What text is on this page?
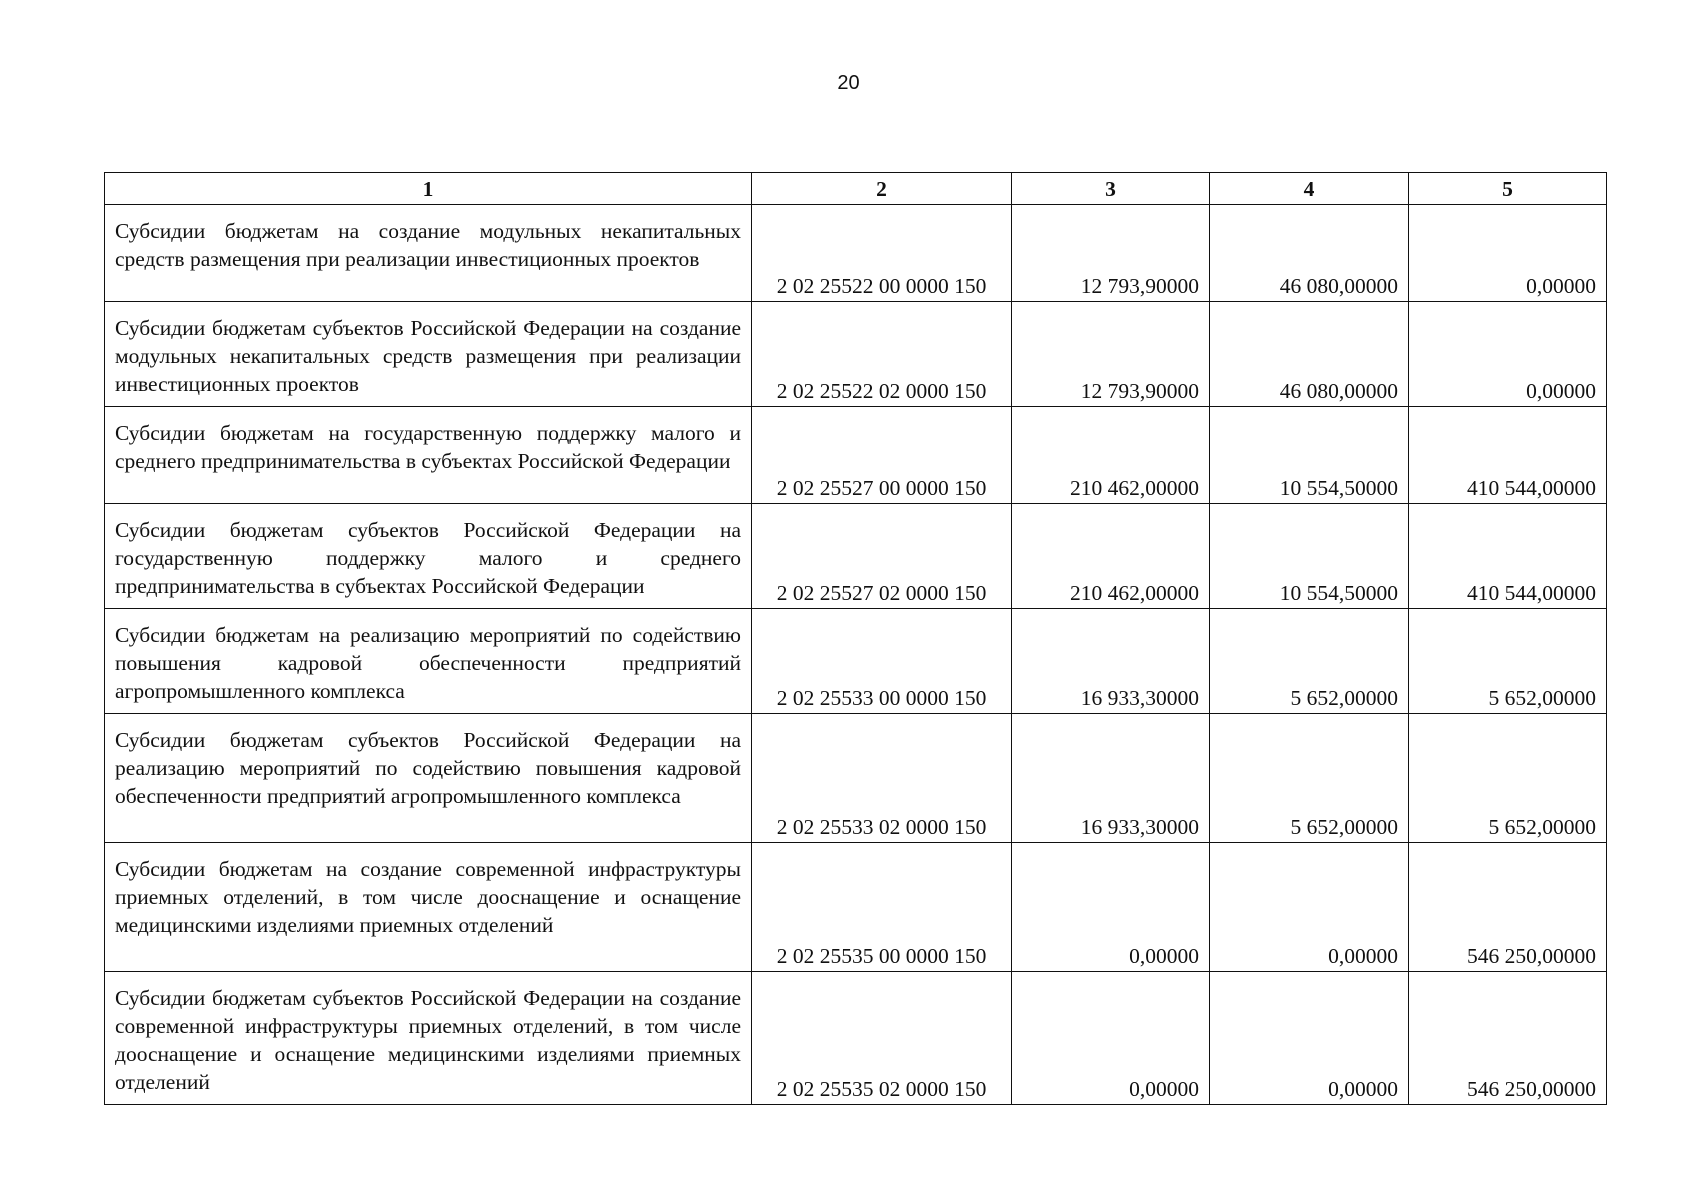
20
1	2	3	4	5
Субсидии бюджетам на создание модульных некапитальных средств размещения при реализации инвестиционных проектов	2 02 25522 00 0000 150	12 793,90000	46 080,00000	0,00000
Субсидии бюджетам субъектов Российской Федерации на создание модульных некапитальных средств размещения при реализации инвестиционных проектов	2 02 25522 02 0000 150	12 793,90000	46 080,00000	0,00000
Субсидии бюджетам на государственную поддержку малого и среднего предпринимательства в субъектах Российской Федерации	2 02 25527 00 0000 150	210 462,00000	10 554,50000	410 544,00000
Субсидии бюджетам субъектов Российской Федерации на государственную поддержку малого и среднего предпринимательства в субъектах Российской Федерации	2 02 25527 02 0000 150	210 462,00000	10 554,50000	410 544,00000
Субсидии бюджетам на реализацию мероприятий по содействию повышения кадровой обеспеченности предприятий агропромышленного комплекса	2 02 25533 00 0000 150	16 933,30000	5 652,00000	5 652,00000
Субсидии бюджетам субъектов Российской Федерации на реализацию мероприятий по содействию повышения кадровой обеспеченности предприятий агропромышленного комплекса	2 02 25533 02 0000 150	16 933,30000	5 652,00000	5 652,00000
Субсидии бюджетам на создание современной инфраструктуры приемных отделений, в том числе дооснащение и оснащение медицинскими изделиями приемных отделений	2 02 25535 00 0000 150	0,00000	0,00000	546 250,00000
Субсидии бюджетам субъектов Российской Федерации на создание современной инфраструктуры приемных отделений, в том числе дооснащение и оснащение медицинскими изделиями приемных отделений	2 02 25535 02 0000 150	0,00000	0,00000	546 250,00000
